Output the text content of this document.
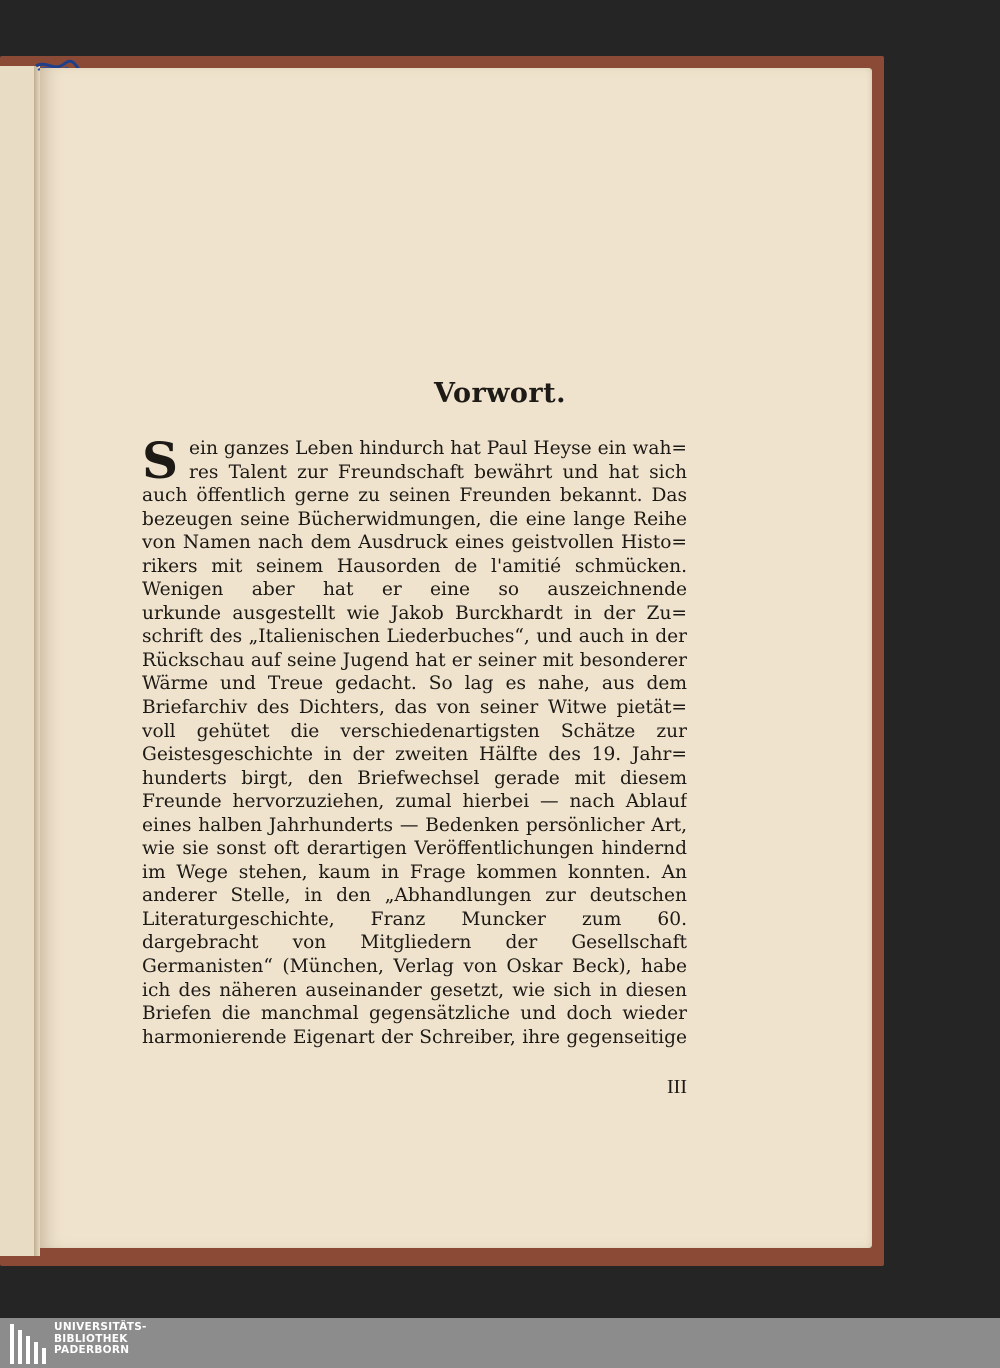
Vorwort.
S ein ganzes Leben hindurch hat Paul Heyse ein wah=
res Talent zur Freundschaft bewährt und hat sich
auch öffentlich gerne zu seinen Freunden bekannt. Das
bezeugen seine Bücherwidmungen, die eine lange Reihe
von Namen nach dem Ausdruck eines geistvollen Histo=
rikers mit seinem Hausorden de l'amitié schmücken.
Wenigen aber hat er eine so auszeichnende
urkunde ausgestellt wie Jakob Burckhardt in der Zu=
schrift des „Italienischen Liederbuches“, und auch in der
Rückschau auf seine Jugend hat er seiner mit besonderer
Wärme und Treue gedacht. So lag es nahe, aus dem
Briefarchiv des Dichters, das von seiner Witwe pietät=
voll gehütet die verschiedenartigsten Schätze zur
Geistesgeschichte in der zweiten Hälfte des 19. Jahr=
hunderts birgt, den Briefwechsel gerade mit diesem
Freunde hervorzuziehen, zumal hierbei — nach Ablauf
eines halben Jahrhunderts — Bedenken persönlicher Art,
wie sie sonst oft derartigen Veröffentlichungen hindernd
im Wege stehen, kaum in Frage kommen konnten. An
anderer Stelle, in den „Abhandlungen zur deutschen
Literaturgeschichte, Franz Muncker zum 60.
dargebracht von Mitgliedern der Gesellschaft
Germanisten“ (München, Verlag von Oskar Beck), habe
ich des näheren auseinander gesetzt, wie sich in diesen
Briefen die manchmal gegensätzliche und doch wieder
harmonierende Eigenart der Schreiber, ihre gegenseitige
III
UNIVERSITÄTS-
BIBLIOTHEK
PADERBORN
